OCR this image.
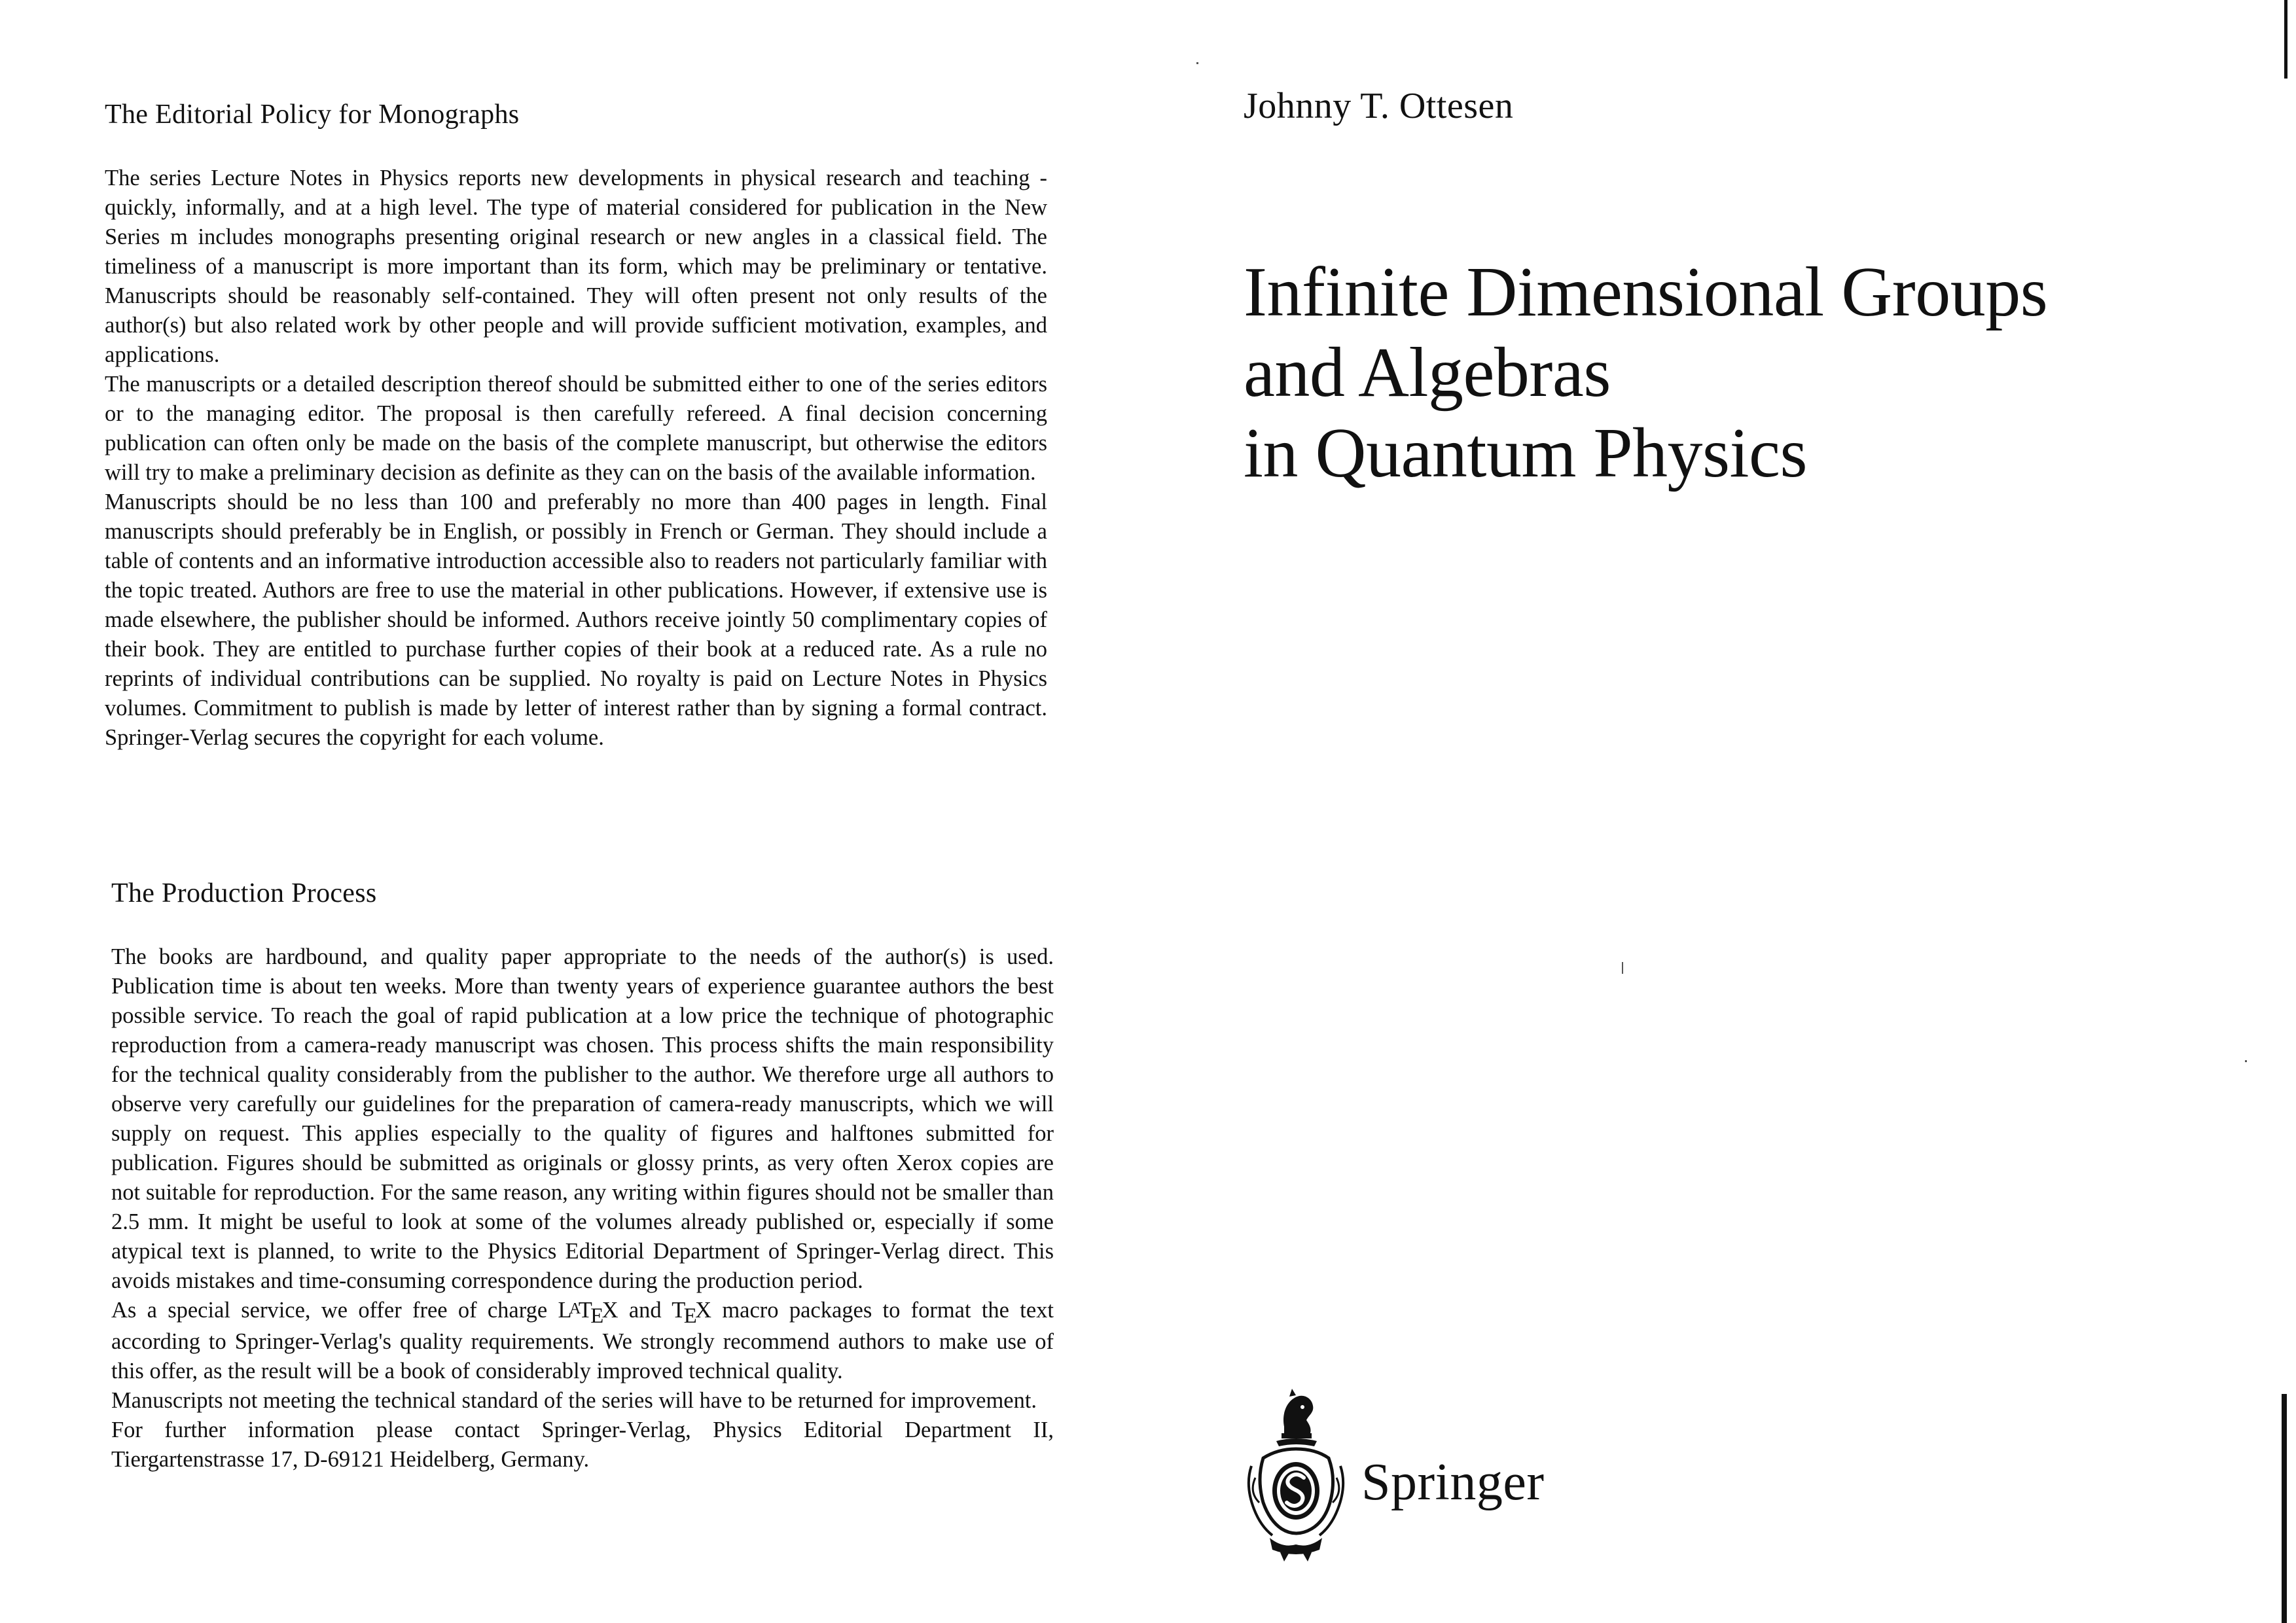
The Editorial Policy for Monographs

The series Lecture Notes in Physics reports new developments in physical research and teaching - quickly, informally, and at a high level. The type of material considered for publication in the New Series m includes monographs presenting original research or new angles in a classical field. The timeliness of a manuscript is more important than its form, which may be preliminary or tentative. Manuscripts should be reasonably self-contained. They will often present not only results of the author(s) but also related work by other people and will provide sufficient motivation, examples, and applications.

The manuscripts or a detailed description thereof should be submitted either to one of the series editors or to the managing editor. The proposal is then carefully refereed. A final decision concerning publication can often only be made on the basis of the complete manuscript, but otherwise the editors will try to make a preliminary decision as definite as they can on the basis of the available information.

Manuscripts should be no less than 100 and preferably no more than 400 pages in length. Final manuscripts should preferably be in English, or possibly in French or German. They should include a table of contents and an informative introduction accessible also to readers not particularly familiar with the topic treated. Authors are free to use the material in other publications. However, if extensive use is made elsewhere, the publisher should be informed. Authors receive jointly 50 complimentary copies of their book. They are entitled to purchase further copies of their book at a reduced rate. As a rule no reprints of individual contributions can be supplied. No royalty is paid on Lecture Notes in Physics volumes. Commitment to publish is made by letter of interest rather than by signing a formal contract. Springer-Verlag secures the copyright for each volume.

The Production Process

The books are hardbound, and quality paper appropriate to the needs of the author(s) is used. Publication time is about ten weeks. More than twenty years of experience guarantee authors the best possible service. To reach the goal of rapid publication at a low price the technique of photographic reproduction from a camera-ready manuscript was chosen. This process shifts the main responsibility for the technical quality considerably from the publisher to the author. We therefore urge all authors to observe very carefully our guidelines for the preparation of camera-ready manuscripts, which we will supply on request. This applies especially to the quality of figures and halftones submitted for publication. Figures should be submitted as originals or glossy prints, as very often Xerox copies are not suitable for reproduction. For the same reason, any writing within figures should not be smaller than 2.5 mm. It might be useful to look at some of the volumes already published or, especially if some atypical text is planned, to write to the Physics Editorial Department of Springer-Verlag direct. This avoids mistakes and time-consuming correspondence during the production period.

As a special service, we offer free of charge LATEX and TEX macro packages to format the text according to Springer-Verlag's quality requirements. We strongly recommend authors to make use of this offer, as the result will be a book of considerably improved technical quality.

Manuscripts not meeting the technical standard of the series will have to be returned for improvement.

For further information please contact Springer-Verlag, Physics Editorial Department II, Tiergartenstrasse 17, D-69121 Heidelberg, Germany.

Johnny T. Ottesen
Infinite Dimensional Groups
and Algebras
in Quantum Physics
Springer
